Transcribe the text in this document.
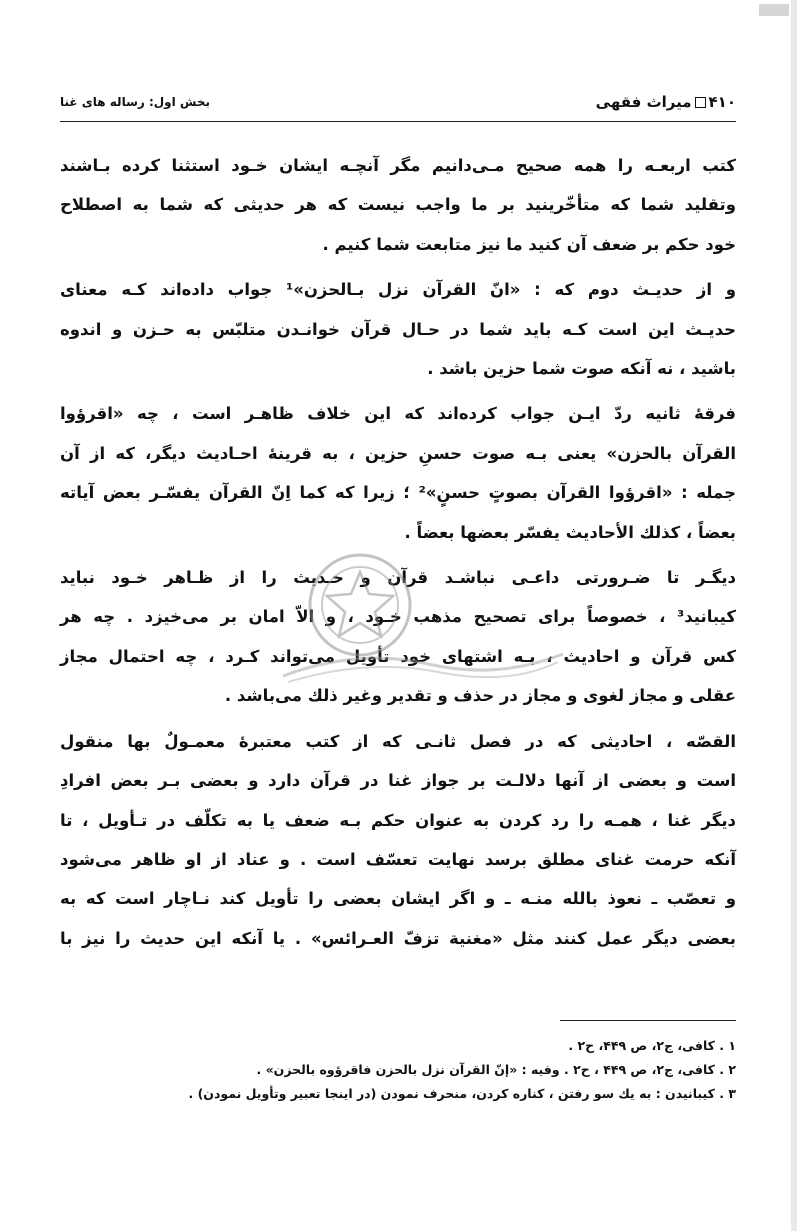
۴۱۰میراث فقهی
بخش اول: رساله های غنا

کتب اربعـه را همه صحیح مـی‌دانیم مگر آنچـه ایشان خـود استثنا کرده بـاشند

وتقلید شما که متأخّرینید بر ما واجب نیست که هر حدیثی که شما به اصطلاح

خود حکم بر ضعف آن کنید ما نیز متابعت شما کنیم .

و از حدیـث دوم که : «انّ القرآن نزل بـالحزن»¹ جواب داده‌اند کـه معنای

حدیـث این است کـه باید شما در حـال قرآن خوانـدن متلبّس به حـزن و اندوه

باشید ، نه آنکه صوت شما حزین باشد .

فرقهٔ ثانیه ردّ ایـن جواب کرده‌اند که این خلاف ظاهـر است ، چه «اقرؤوا

القرآن بالحزن» یعنی بـه صوت حسنِ حزین ، به قرینهٔ احـادیث دیگر، که از آن

جمله : «اقرؤوا القرآن بصوتٍ حسنٍ»² ؛ زیرا که کما اِنّ القرآن یفسّـر بعض آیاته

بعضاً ، کذلك الأحادیث یفسّر بعضها بعضاً .

دیگـر تا ضـرورتی داعـی نباشـد قرآن و حـدیث را از ظـاهر خـود نباید

کیبانید³ ، خصوصاً برای تصحیح مذهب خـود ، و الاّ امان بر می‌خیزد . چه هر

کس قرآن و احادیث ، بـه اشتهای خود تأویل می‌تواند کـرد ، چه احتمال مجاز

عقلی و مجاز لغوی و مجاز در حذف و تقدیر وغیر ذلك می‌باشد .

القصّه ، احادیثی که در فصل ثانـی که از کتب معتبرهٔ معمـولٌ بها منقول

است و بعضی از آنها دلالـت بر جواز غنا در قرآن دارد و بعضی بـر بعض افرادِ

دیگر غنا ، همـه را رد کردن به عنوان حکم بـه ضعف یا به تکلّف در تـأویل ، تا

آنکه حرمت غنای مطلق برسد نهایت تعسّف است . و عناد از او ظاهر می‌شود

و تعصّب ـ نعوذ بالله منـه ـ و اگر ایشان بعضی را تأویل کند نـاچار است که به

بعضی دیگر عمل کنند مثل «مغنیة تزفّ العـرائس» . یا آنکه این حدیث را نیز با

١ . کافی، ج٢، ص ۴۴٩، ح٢ .
٢ . کافی، ج٢، ص ۴۴٩ ، ح٢ . وفیه : «إنّ القرآن نزل بالحزن فاقرؤوه بالحزن» .
٣ . کیبانیدن : به یك سو رفتن ، کناره کردن، منحرف نمودن (در اینجا تعبیر وتأویل نمودن) .
